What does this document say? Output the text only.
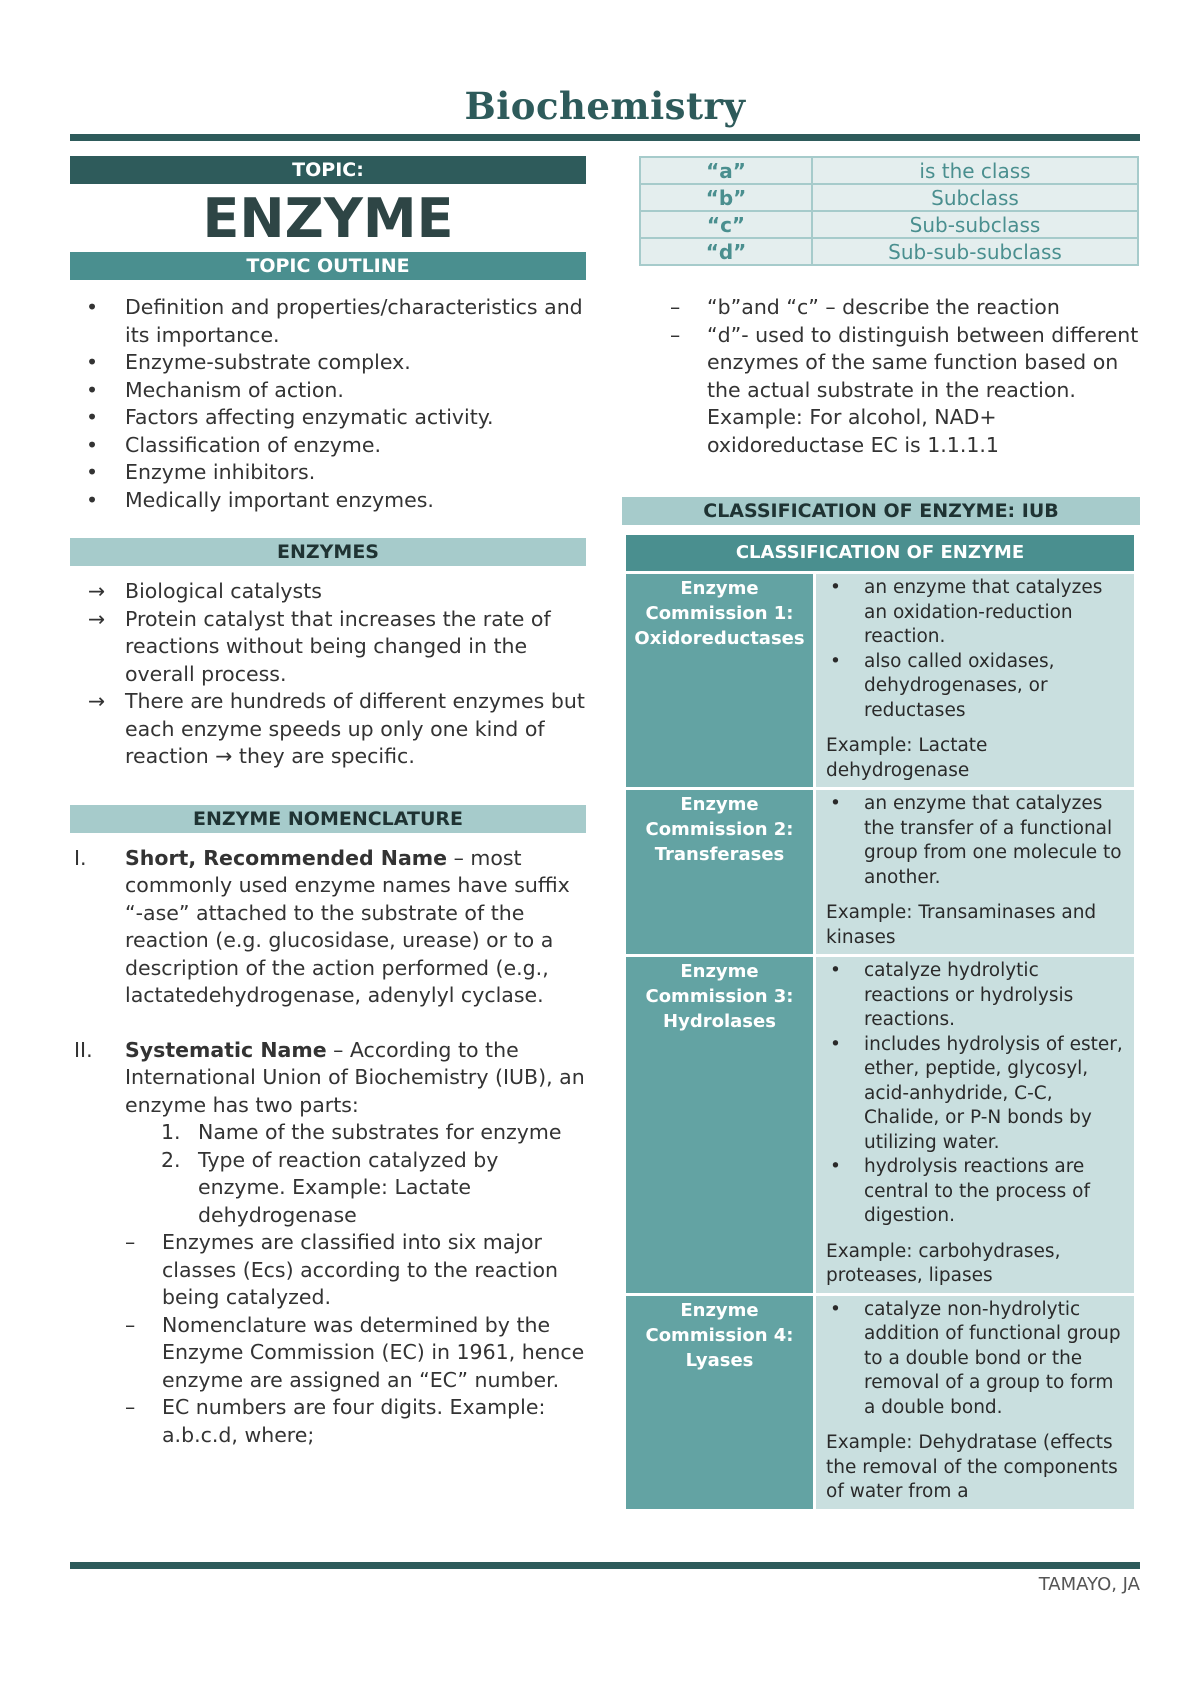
Biochemistry
TOPIC:
ENZYME
TOPIC OUTLINE
• Definition and properties/characteristics and its importance.
• Enzyme-substrate complex.
• Mechanism of action.
• Factors affecting enzymatic activity.
• Classification of enzyme.
• Enzyme inhibitors.
• Medically important enzymes.
ENZYMES
→ Biological catalysts
→ Protein catalyst that increases the rate of reactions without being changed in the overall process.
→ There are hundreds of different enzymes but each enzyme speeds up only one kind of reaction → they are specific.
ENZYME NOMENCLATURE
I. Short, Recommended Name – most commonly used enzyme names have suffix “-ase” attached to the substrate of the reaction (e.g. glucosidase, urease) or to a description of the action performed (e.g., lactatedehydrogenase, adenylyl cyclase.
II. Systematic Name – According to the International Union of Biochemistry (IUB), an enzyme has two parts:
1. Name of the substrates for enzyme
2. Type of reaction catalyzed by enzyme. Example: Lactate dehydrogenase
– Enzymes are classified into six major classes (Ecs) according to the reaction being catalyzed.
– Nomenclature was determined by the Enzyme Commission (EC) in 1961, hence enzyme are assigned an “EC” number.
– EC numbers are four digits. Example: a.b.c.d, where;
“a”	is the class
“b”	Subclass
“c”	Sub-subclass
“d”	Sub-sub-subclass
– “b”and “c” – describe the reaction
– “d”- used to distinguish between different enzymes of the same function based on the actual substrate in the reaction. Example: For alcohol, NAD+ oxidoreductase EC is 1.1.1.1
CLASSIFICATION OF ENZYME: IUB
CLASSIFICATION OF ENZYME
Enzyme Commission 1: Oxidoreductases
• an enzyme that catalyzes an oxidation-reduction reaction.
• also called oxidases, dehydrogenases, or reductases
Example: Lactate dehydrogenase
Enzyme Commission 2: Transferases
• an enzyme that catalyzes the transfer of a functional group from one molecule to another.
Example: Transaminases and kinases
Enzyme Commission 3: Hydrolases
• catalyze hydrolytic reactions or hydrolysis reactions.
• includes hydrolysis of ester, ether, peptide, glycosyl, acid-anhydride, C-C, Chalide, or P-N bonds by utilizing water.
• hydrolysis reactions are central to the process of digestion.
Example: carbohydrases, proteases, lipases
Enzyme Commission 4: Lyases
• catalyze non-hydrolytic addition of functional group to a double bond or the removal of a group to form a double bond.
Example: Dehydratase (effects the removal of the components of water from a
TAMAYO, JA
